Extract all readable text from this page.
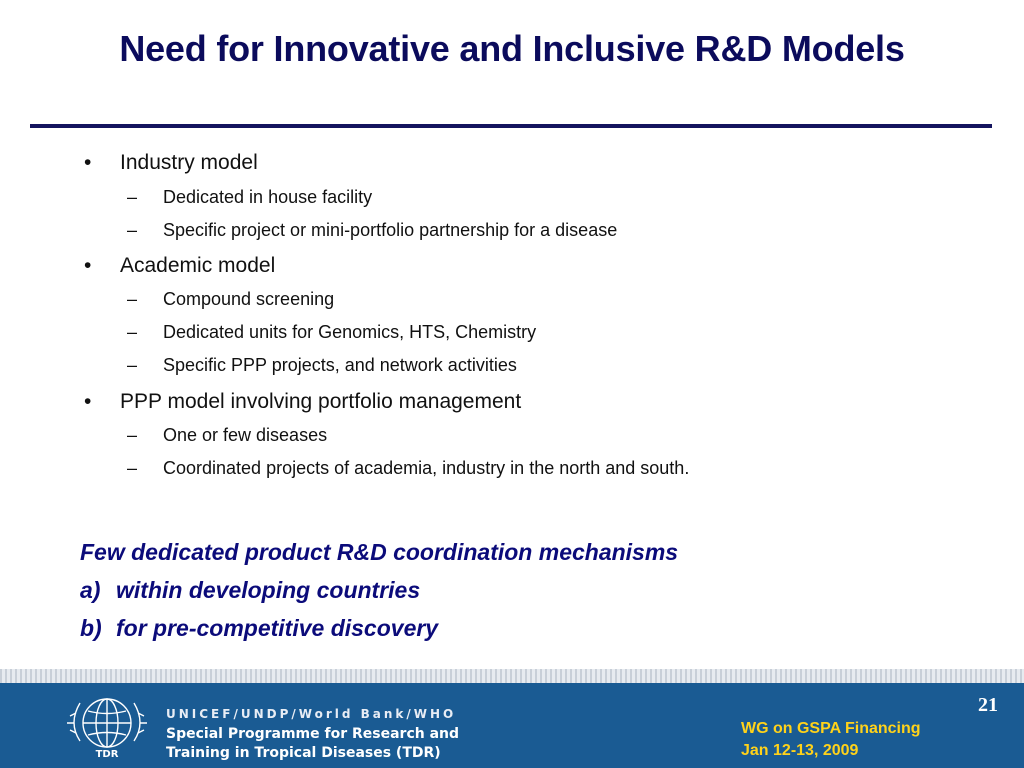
Need for Innovative and Inclusive R&D Models
• Industry model
– Dedicated in house facility
– Specific project or mini-portfolio partnership for a disease
• Academic model
– Compound screening
– Dedicated units for Genomics, HTS, Chemistry
– Specific PPP projects, and network activities
• PPP model involving portfolio management
– One or few diseases
– Coordinated projects of academia, industry in the north and south.
Few dedicated product R&D coordination mechanisms
a) within developing countries
b) for pre-competitive discovery
TDR
UNICEF/UNDP/World Bank/WHO
Special Programme for Research and
Training in Tropical Diseases (TDR)
21
WG on GSPA Financing
Jan 12-13, 2009
